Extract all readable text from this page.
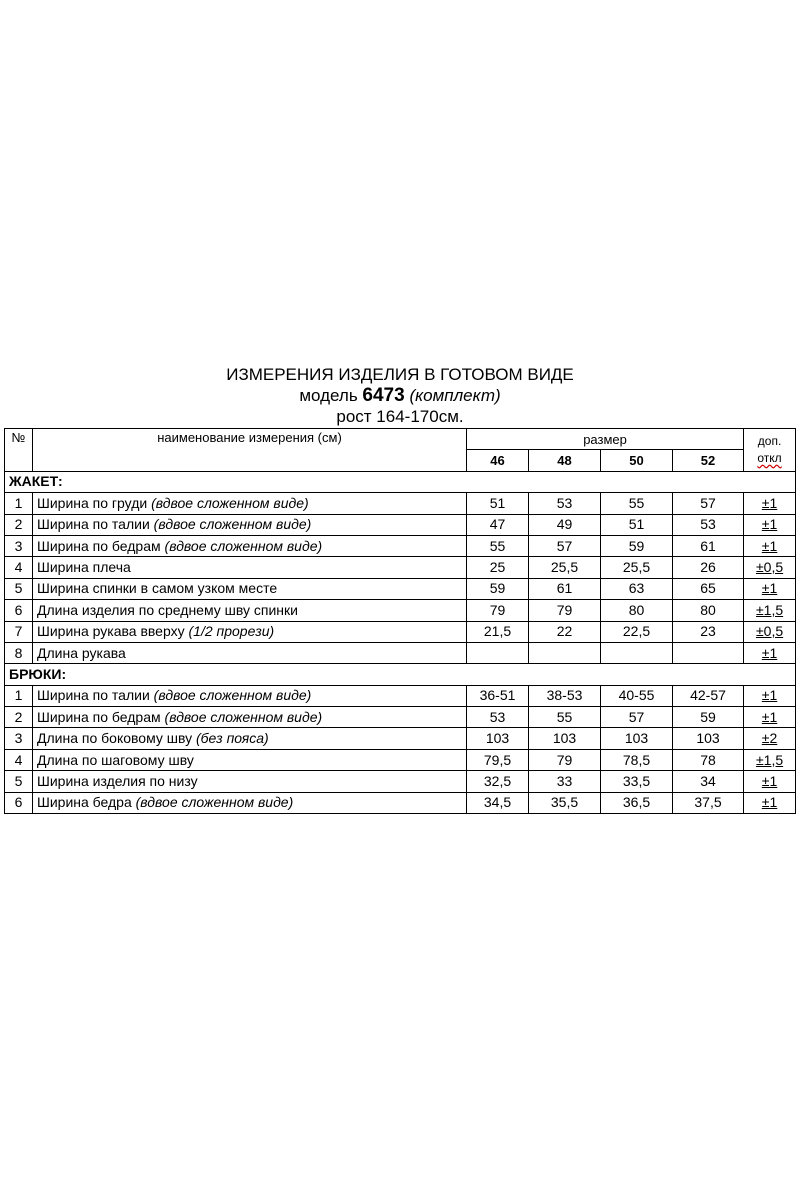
ИЗМЕРЕНИЯ ИЗДЕЛИЯ В ГОТОВОМ ВИДЕ
модель 6473 (комплект)
рост 164-170см.
№	наименование измерения (см)	размер				доп.
откл
		46	48	50	52	
ЖАКЕТ:						
1	Ширина по груди (вдвое сложенном виде)	51	53	55	57	±1
2	Ширина по талии (вдвое сложенном виде)	47	49	51	53	±1
3	Ширина по бедрам (вдвое сложенном виде)	55	57	59	61	±1
4	Ширина плеча	25	25,5	25,5	26	±0,5
5	Ширина спинки в самом узком месте	59	61	63	65	±1
6	Длина изделия по среднему шву спинки	79	79	80	80	±1,5
7	Ширина рукава вверху (1/2 прорези)	21,5	22	22,5	23	±0,5
8	Длина рукава					±1
БРЮКИ:						
1	Ширина по талии (вдвое сложенном виде)	36-51	38-53	40-55	42-57	±1
2	Ширина по бедрам (вдвое сложенном виде)	53	55	57	59	±1
3	Длина по боковому шву (без пояса)	103	103	103	103	±2
4	Длина по шаговому шву	79,5	79	78,5	78	±1,5
5	Ширина изделия по низу	32,5	33	33,5	34	±1
6	Ширина бедра (вдвое сложенном виде)	34,5	35,5	36,5	37,5	±1
